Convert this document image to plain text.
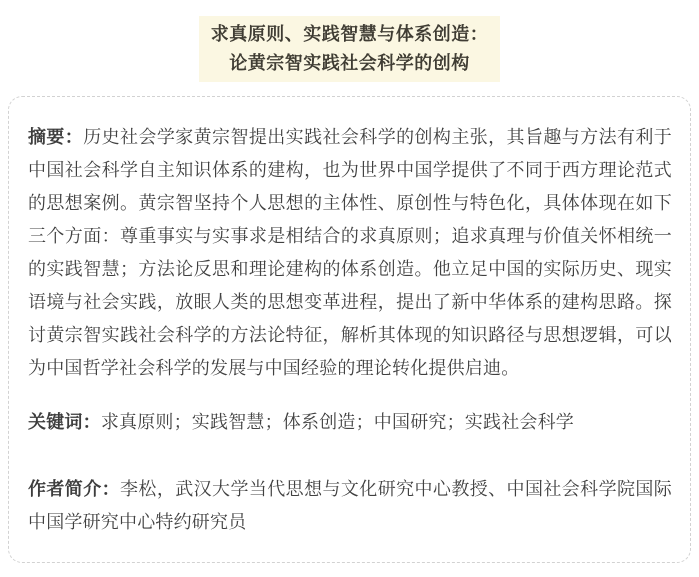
求真原则、实践智慧与体系创造：
论黄宗智实践社会科学的创构

摘要：历史社会学家黄宗智提出实践社会科学的创构主张，其旨趣与方法有利于中国社会科学自主知识体系的建构，也为世界中国学提供了不同于西方理论范式的思想案例。黄宗智坚持个人思想的主体性、原创性与特色化，具体体现在如下三个方面：尊重事实与实事求是相结合的求真原则；追求真理与价值关怀相统一的实践智慧；方法论反思和理论建构的体系创造。他立足中国的实际历史、现实语境与社会实践，放眼人类的思想变革进程，提出了新中华体系的建构思路。探讨黄宗智实践社会科学的方法论特征，解析其体现的知识路径与思想逻辑，可以为中国哲学社会科学的发展与中国经验的理论转化提供启迪。

关键词：求真原则；实践智慧；体系创造；中国研究；实践社会科学

作者简介：李松，武汉大学当代思想与文化研究中心教授、中国社会科学院国际中国学研究中心特约研究员
